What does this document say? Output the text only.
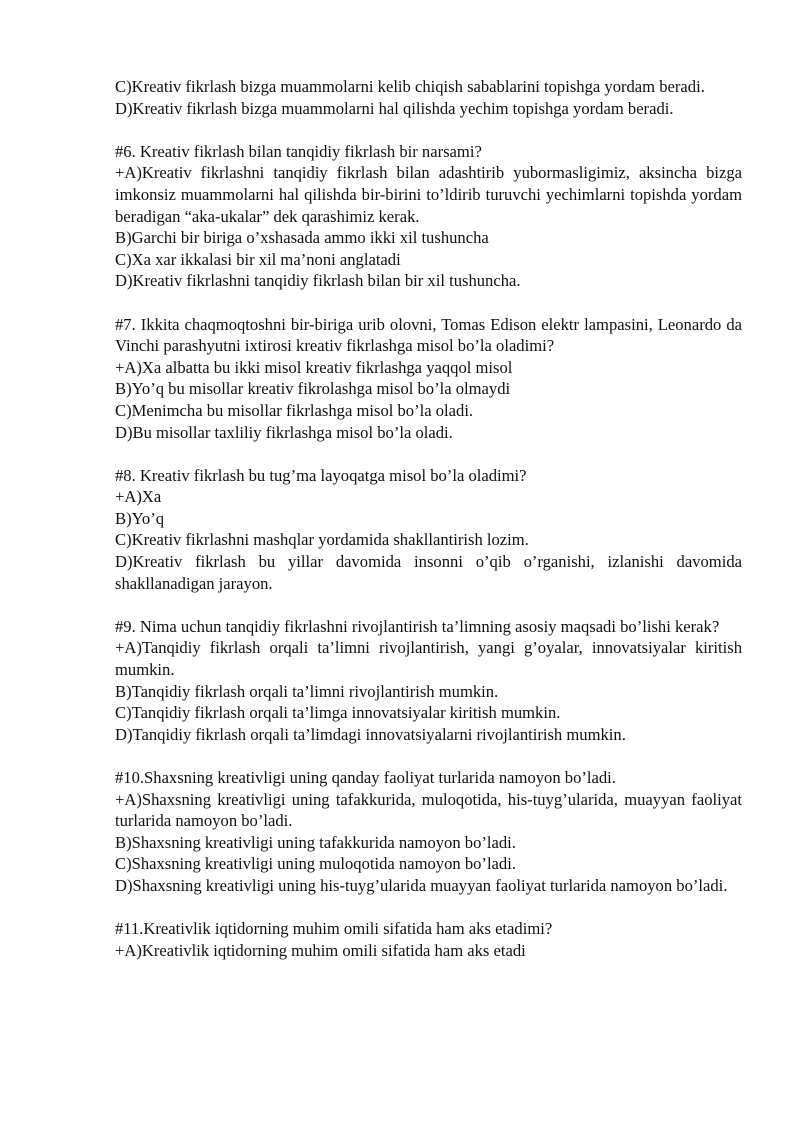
C)Kreativ fikrlash bizga muammolarni kelib chiqish sabablarini topishga yordam beradi.

D)Kreativ fikrlash bizga muammolarni hal qilishda yechim topishga yordam beradi.

#6. Kreativ fikrlash bilan tanqidiy fikrlash bir narsami?

+A)Kreativ fikrlashni tanqidiy fikrlash bilan adashtirib yubormasligimiz, aksincha bizga imkonsiz muammolarni hal qilishda bir-birini to’ldirib turuvchi yechimlarni topishda yordam beradigan “aka-ukalar” dek qarashimiz kerak.

B)Garchi bir biriga o’xshasada ammo ikki xil tushuncha

C)Xa xar ikkalasi bir xil ma’noni anglatadi

D)Kreativ fikrlashni tanqidiy fikrlash bilan bir xil tushuncha.

#7. Ikkita chaqmoqtoshni bir-biriga urib olovni, Tomas Edison elektr lampasini, Leonardo da Vinchi parashyutni ixtirosi kreativ fikrlashga misol bo’la oladimi?

+A)Xa albatta bu ikki misol kreativ fikrlashga yaqqol misol

B)Yo’q bu misollar kreativ fikrolashga misol bo’la olmaydi

C)Menimcha bu misollar fikrlashga misol bo’la oladi.

D)Bu misollar taxliliy fikrlashga misol bo’la oladi.

#8. Kreativ fikrlash bu tug’ma layoqatga misol bo’la oladimi?

+A)Xa

B)Yo’q

C)Kreativ fikrlashni mashqlar yordamida shakllantirish lozim.

D)Kreativ fikrlash bu yillar davomida insonni o’qib o’rganishi, izlanishi davomida shakllanadigan jarayon.

#9. Nima uchun tanqidiy fikrlashni rivojlantirish ta’limning asosiy maqsadi bo’lishi kerak?

+A)Tanqidiy fikrlash orqali ta’limni rivojlantirish, yangi g’oyalar, innovatsiyalar kiritish mumkin.

B)Tanqidiy fikrlash orqali ta’limni rivojlantirish mumkin.

C)Tanqidiy fikrlash orqali ta’limga innovatsiyalar kiritish mumkin.

D)Tanqidiy fikrlash orqali ta’limdagi innovatsiyalarni rivojlantirish mumkin.

#10.Shaxsning kreativligi uning qanday faoliyat turlarida namoyon bo’ladi.

+A)Shaxsning kreativligi uning tafakkurida, muloqotida, his-tuyg’ularida, muayyan faoliyat turlarida namoyon bo’ladi.

B)Shaxsning kreativligi uning tafakkurida namoyon bo’ladi.

C)Shaxsning kreativligi uning muloqotida namoyon bo’ladi.

D)Shaxsning kreativligi uning his-tuyg’ularida muayyan faoliyat turlarida namoyon bo’ladi.

#11.Kreativlik iqtidorning muhim omili sifatida ham aks etadimi?

+A)Kreativlik iqtidorning muhim omili sifatida ham aks etadi
